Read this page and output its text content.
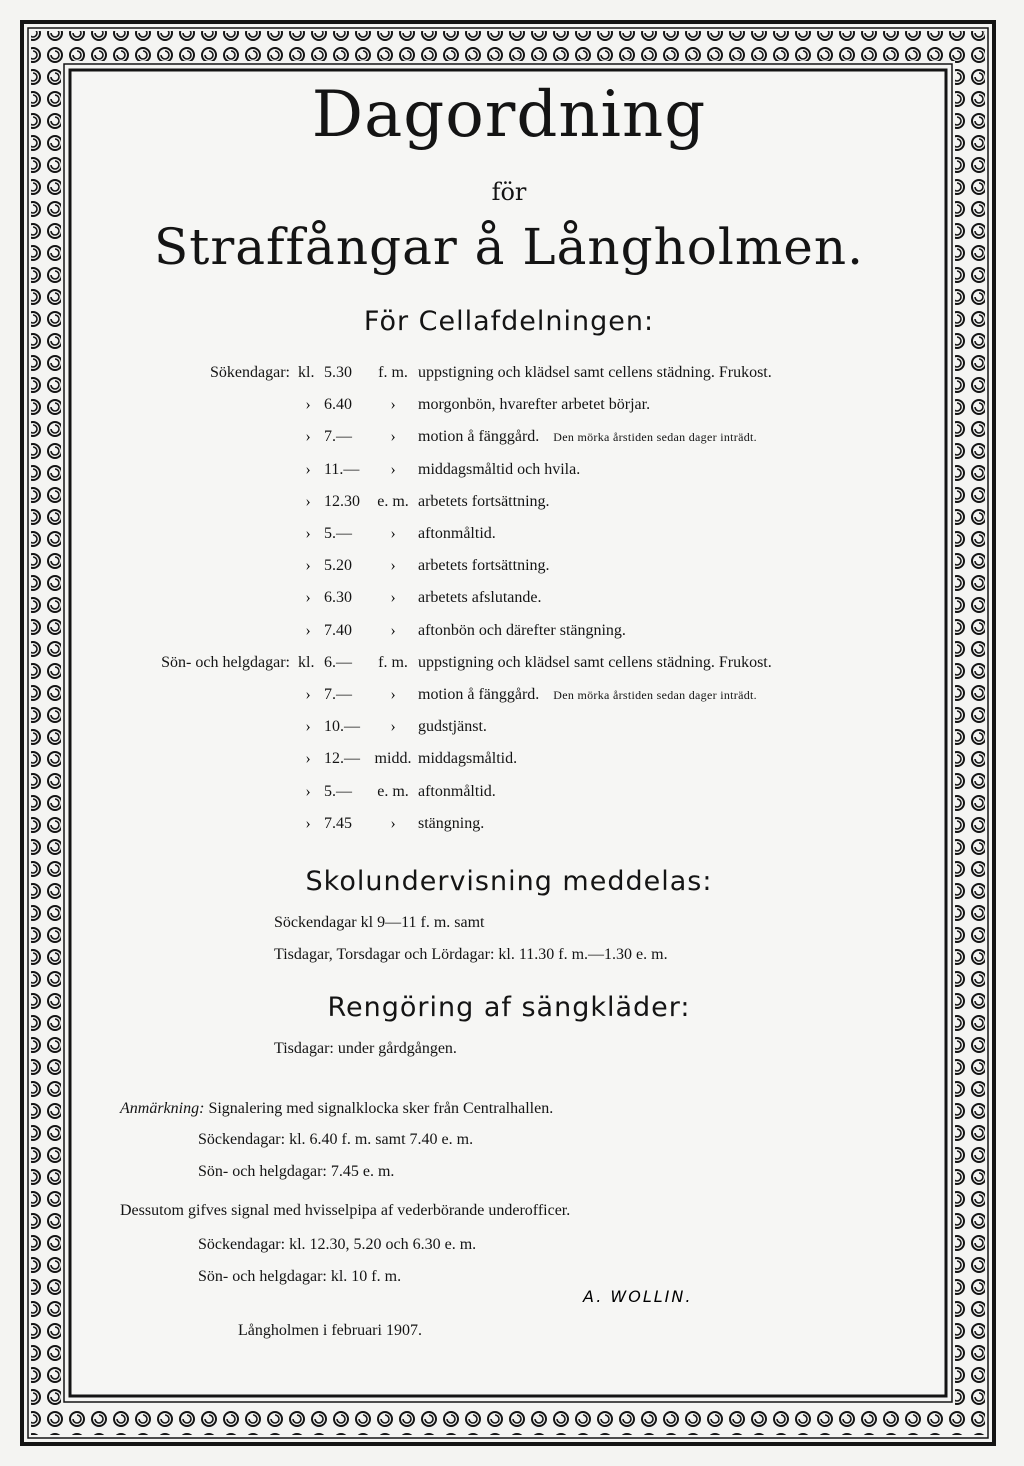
Dagordning
för
Straffångar å Långholmen.
För Cellafdelningen:
Sökendagar: kl. 5.30	f. m. uppstigning och klädsel samt cellens städning. Frukost.
› 6.40	›	morgonbön, hvarefter arbetet börjar.
› 7.—	›	motion å fänggård. Den mörka årstiden sedan dager inträdt.
› 11.—	›	middagsmåltid och hvila.
› 12.30	e. m. arbetets fortsättning.
› 5.—	›	aftonmåltid.
› 5.20	›	arbetets fortsättning.
› 6.30	›	arbetets afslutande.
› 7.40	›	aftonbön och därefter stängning.
Sön- och helgdagar: kl. 6.—	f. m. uppstigning och klädsel samt cellens städning. Frukost.
› 7.—	›	motion å fänggård. Den mörka årstiden sedan dager inträdt.
› 10.—	›	gudstjänst.
› 12.— midd. middagsmåltid.
› 5.—	e. m. aftonmåltid.
› 7.45	›	stängning.
Skolundervisning meddelas:
Söckendagar kl 9—11 f. m. samt
Tisdagar, Torsdagar och Lördagar: kl. 11.30 f. m.—1.30 e. m.
Rengöring af sängkläder:
Tisdagar: under gårdgången.
Anmärkning: Signalering med signalklocka sker från Centralhallen.
Söckendagar: kl. 6.40 f. m. samt 7.40 e. m.
Sön- och helgdagar: 7.45 e. m.
Dessutom gifves signal med hvisselpipa af vederbörande underofficer.
Söckendagar: kl. 12.30, 5.20 och 6.30 e. m.
Sön- och helgdagar: kl. 10 f. m.
Långholmen i februari 1907.
A. WOLLIN.
